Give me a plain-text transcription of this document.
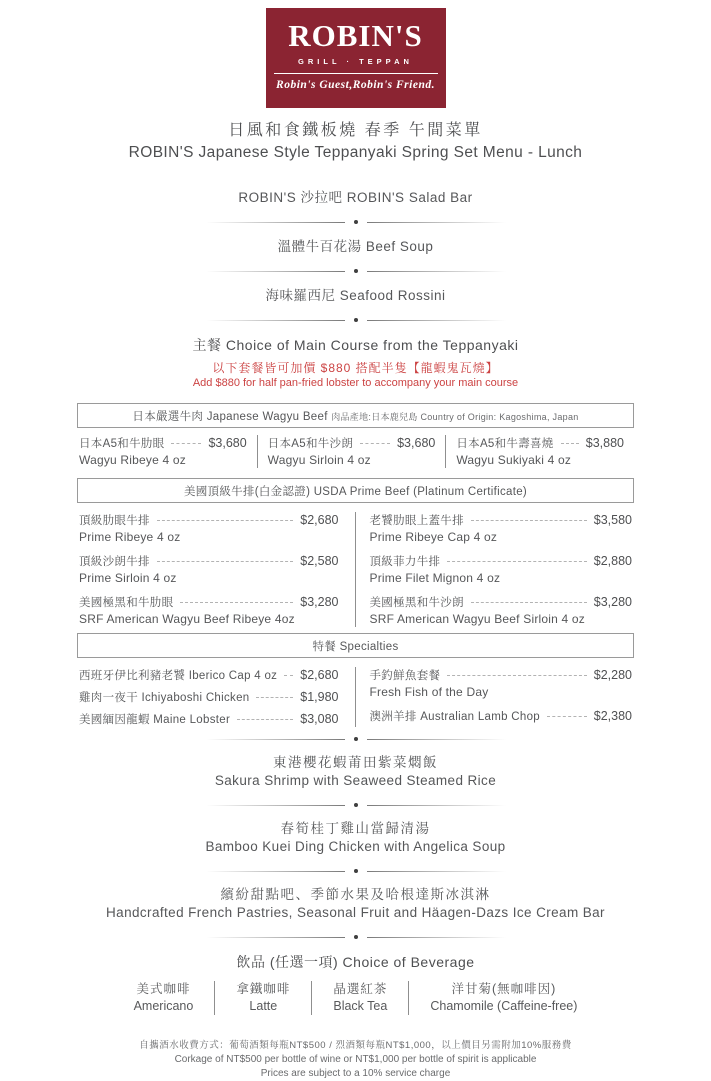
ROBIN'S
GRILL · TEPPAN
Robin's Guest,Robin's Friend.
日風和食鐵板燒 春季 午間菜單
ROBIN'S Japanese Style Teppanyaki Spring Set Menu - Lunch
ROBIN'S 沙拉吧 ROBIN'S Salad Bar
溫體牛百花湯 Beef Soup
海味羅西尼 Seafood Rossini
主餐 Choice of Main Course from the Teppanyaki
以下套餐皆可加價 $880 搭配半隻【龍蝦鬼瓦燒】
Add $880 for half pan-fried lobster to accompany your main course
日本嚴選牛肉 Japanese Wagyu Beef 肉品產地:日本鹿兒島 Country of Origin: Kagoshima, Japan
日本A5和牛肋眼	$3,680
Wagyu Ribeye 4 oz
日本A5和牛沙朗	$3,680
Wagyu Sirloin 4 oz
日本A5和牛壽喜燒	$3,880
Wagyu Sukiyaki 4 oz
美國頂級牛排(白金認證) USDA Prime Beef (Platinum Certificate)
頂級肋眼牛排	$2,680
Prime Ribeye 4 oz
頂級沙朗牛排	$2,580
Prime Sirloin 4 oz
美國極黑和牛肋眼	$3,280
SRF American Wagyu Beef Ribeye 4oz
老饕肋眼上蓋牛排	$3,580
Prime Ribeye Cap 4 oz
頂級菲力牛排	$2,880
Prime Filet Mignon 4 oz
美國極黑和牛沙朗	$3,280
SRF American Wagyu Beef Sirloin 4 oz
特餐 Specialties
西班牙伊比利豬老饕 Iberico Cap 4 oz $2,680
雞肉一夜干 Ichiyaboshi Chicken	$1,980
美國緬因龍蝦 Maine Lobster	$3,080
手釣鮮魚套餐	$2,280
Fresh Fish of the Day
澳洲羊排 Australian Lamb Chop	$2,380
東港櫻花蝦莆田紫菜燜飯
Sakura Shrimp with Seaweed Steamed Rice
春筍桂丁雞山當歸清湯
Bamboo Kuei Ding Chicken with Angelica Soup
繽紛甜點吧、季節水果及哈根達斯冰淇淋
Handcrafted French Pastries, Seasonal Fruit and Häagen-Dazs Ice Cream Bar
飲品 (任選一項) Choice of Beverage
美式咖啡
Americano
拿鐵咖啡
Latte
晶選紅茶
Black Tea
洋甘菊(無咖啡因)
Chamomile (Caffeine-free)
自攜酒水收費方式：葡萄酒類每瓶NT$500 / 烈酒類每瓶NT$1,000，以上價目另需附加10%服務費
Corkage of NT$500 per bottle of wine or NT$1,000 per bottle of spirit is applicable
Prices are subject to a 10% service charge
